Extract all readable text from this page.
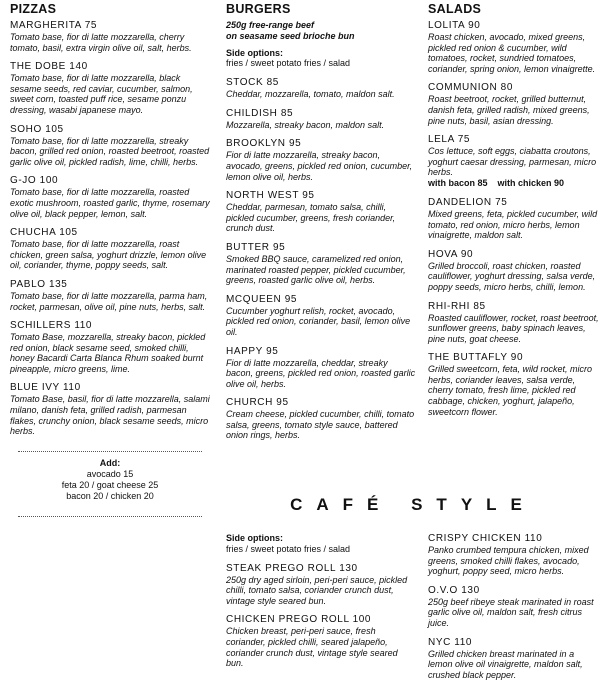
PIZZAS
MARGHERITA 75
Tomato base, fior di latte mozzarella, cherry tomato, basil, extra virgin olive oil, salt, herbs.
THE DOBE 140
Tomato base, fior di latte mozzarella, black sesame seeds, red caviar, cucumber, salmon, sweet corn, toasted puff rice, sesame ponzu dressing, wasabi japanese mayo.
SOHO 105
Tomato base, fior di latte mozzarella, streaky bacon, grilled red onion, roasted beetroot, roasted garlic olive oil, pickled radish, lime, chilli, herbs.
G-JO 100
Tomato base, fior di latte mozzarella, roasted exotic mushroom, roasted garlic, thyme, rosemary olive oil, black pepper, lemon, salt.
CHUCHA 105
Tomato base, fior di latte mozzarella, roast chicken, green salsa, yoghurt drizzle, lemon olive oil, coriander, thyme, poppy seeds, salt.
PABLO 135
Tomato base, fior di latte mozzarella, parma ham, rocket, parmesan, olive oil, pine nuts, herbs, salt.
SCHILLERS 110
Tomato Base, mozzarella, streaky bacon, pickled red onion, black sesame seed, smoked chilli, honey Bacardi Carta Blanca Rhum soaked burnt pineapple, micro greens, lime.
BLUE IVY 110
Tomato Base, basil, fior di latte mozzarella, salami milano, danish feta, grilled radish, parmesan flakes, crunchy onion, black sesame seeds, micro herbs.
Add:
avocado 15
feta 20 / goat cheese 25
bacon 20 / chicken 20
BURGERS
250g free-range beef
on seasame seed brioche bun
Side options:
fries / sweet potato fries / salad
STOCK 85
Cheddar, mozzarella, tomato, maldon salt.
CHILDISH 85
Mozzarella, streaky bacon, maldon salt.
BROOKLYN 95
Fior di latte mozzarella, streaky bacon, avocado, greens, pickled red onion, cucumber, lemon olive oil, herbs.
NORTH WEST 95
Cheddar, parmesan, tomato salsa, chilli, pickled cucumber, greens, fresh coriander, crunch dust.
BUTTER 95
Smoked BBQ sauce, caramelized red onion, marinated roasted pepper, pickled cucumber, greens, roasted garlic olive oil, herbs.
MCQUEEN 95
Cucumber yoghurt relish, rocket, avocado, pickled red onion, coriander, basil, lemon olive oil.
HAPPY 95
Fior di latte mozzarella, cheddar, streaky bacon, greens, pickled red onion, roasted garlic olive oil, herbs.
CHURCH 95
Cream cheese, pickled cucumber, chilli, tomato salsa, greens, tomato style sauce, battered onion rings, herbs.
SALADS
LOLITA 90
Roast chicken, avocado, mixed greens, pickled red onion & cucumber, wild tomatoes, rocket, sundried tomatoes, coriander, spring onion, lemon vinaigrette.
COMMUNION 80
Roast beetroot, rocket, grilled butternut, danish feta, grilled radish, mixed greens, pine nuts, basil, asian dressing.
LELA 75
Cos lettuce, soft eggs, ciabatta croutons, yoghurt caesar dressing, parmesan, micro herbs.
with bacon 85 with chicken 90
DANDELION 75
Mixed greens, feta, pickled cucumber, wild tomato, red onion, micro herbs, lemon vinaigrette, maldon salt.
HOVA 90
Grilled broccoli, roast chicken, roasted cauliflower, yoghurt dressing, salsa verde, poppy seeds, micro herbs, chilli, lemon.
RHI-RHI 85
Roasted cauliflower, rocket, roast beetroot, sunflower greens, baby spinach leaves, pine nuts, goat cheese.
THE BUTTAFLY 90
Grilled sweetcorn, feta, wild rocket, micro herbs, coriander leaves, salsa verde, cherry tomato, fresh lime, pickled red cabbage, chicken, yoghurt, jalapeño, sweetcorn flower.
CAFÉ STYLE
Side options:
fries / sweet potato fries / salad
STEAK PREGO ROLL 130
250g dry aged sirloin, peri-peri sauce, pickled chilli, tomato salsa, coriander crunch dust, vintage style seared bun.
CHICKEN PREGO ROLL 100
Chicken breast, peri-peri sauce, fresh coriander, pickled chilli, seared jalapeño, coriander crunch dust, vintage style seared bun.
CRISPY CHICKEN 110
Panko crumbed tempura chicken, mixed greens, smoked chilli flakes, avocado, yoghurt, poppy seed, micro herbs.
O.V.O 130
250g beef ribeye steak marinated in roast garlic olive oil, maldon salt, fresh citrus juice.
NYC 110
Grilled chicken breast marinated in a lemon olive oil vinaigrette, maldon salt, crushed black pepper.
